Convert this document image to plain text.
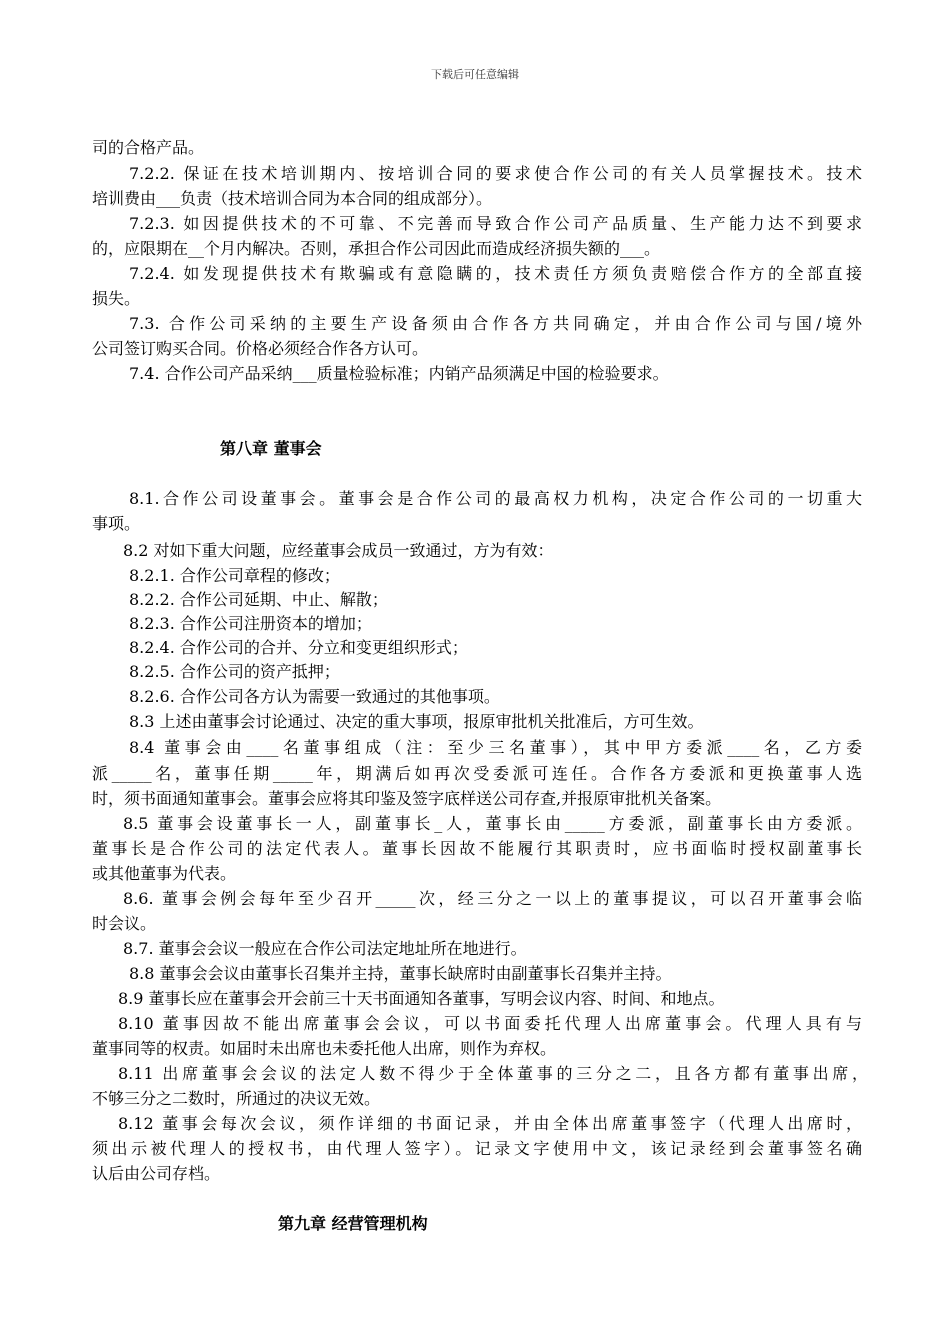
下载后可任意编辑
司的合格产品。
7.2.2. 保证在技术培训期内、按培训合同的要求使合作公司的有关人员掌握技术。技术
培训费由___负责（技术培训合同为本合同的组成部分）。
7.2.3. 如因提供技术的不可靠、不完善而导致合作公司产品质量、生产能力达不到要求
的，应限期在__个月内解决。否则，承担合作公司因此而造成经济损失额的___。
7.2.4. 如发现提供技术有欺骗或有意隐瞒的，技术责任方须负责赔偿合作方的全部直接
损失。
7.3. 合作公司采纳的主要生产设备须由合作各方共同确定，并由合作公司与国/境外
公司签订购买合同。价格必须经合作各方认可。
7.4. 合作公司产品采纳___质量检验标准；内销产品须满足中国的检验要求。
第八章 董事会
8.1.合作公司设董事会。董事会是合作公司的最高权力机构，决定合作公司的一切重大
事项。
8.2 对如下重大问题，应经董事会成员一致通过，方为有效：
8.2.1. 合作公司章程的修改；
8.2.2. 合作公司延期、中止、解散；
8.2.3. 合作公司注册资本的增加；
8.2.4. 合作公司的合并、分立和变更组织形式；
8.2.5. 合作公司的资产抵押；
8.2.6. 合作公司各方认为需要一致通过的其他事项。
8.3 上述由董事会讨论通过、决定的重大事项，报原审批机关批准后，方可生效。
8.4 董事会由____名董事组成（注：至少三名董事），其中甲方委派____名，乙方委
派_____名，董事任期_____年，期满后如再次受委派可连任。合作各方委派和更换董事人选
时，须书面通知董事会。董事会应将其印鉴及签字底样送公司存查,并报原审批机关备案。
8.5 董事会设董事长一人，副董事长_人，董事长由_____方委派，副董事长由方委派。
董事长是合作公司的法定代表人。董事长因故不能履行其职责时，应书面临时授权副董事长
或其他董事为代表。
8.6. 董事会例会每年至少召开_____次，经三分之一以上的董事提议，可以召开董事会临
时会议。
8.7. 董事会会议一般应在合作公司法定地址所在地进行。
8.8 董事会会议由董事长召集并主持，董事长缺席时由副董事长召集并主持。
8.9 董事长应在董事会开会前三十天书面通知各董事，写明会议内容、时间、和地点。
8.10 董事因故不能出席董事会会议，可以书面委托代理人出席董事会。代理人具有与
董事同等的权责。如届时未出席也未委托他人出席，则作为弃权。
8.11 出席董事会会议的法定人数不得少于全体董事的三分之二，且各方都有董事出席，
不够三分之二数时，所通过的决议无效。
8.12 董事会每次会议，须作详细的书面记录，并由全体出席董事签字（代理人出席时，
须出示被代理人的授权书，由代理人签字）。记录文字使用中文，该记录经到会董事签名确
认后由公司存档。
第九章 经营管理机构
